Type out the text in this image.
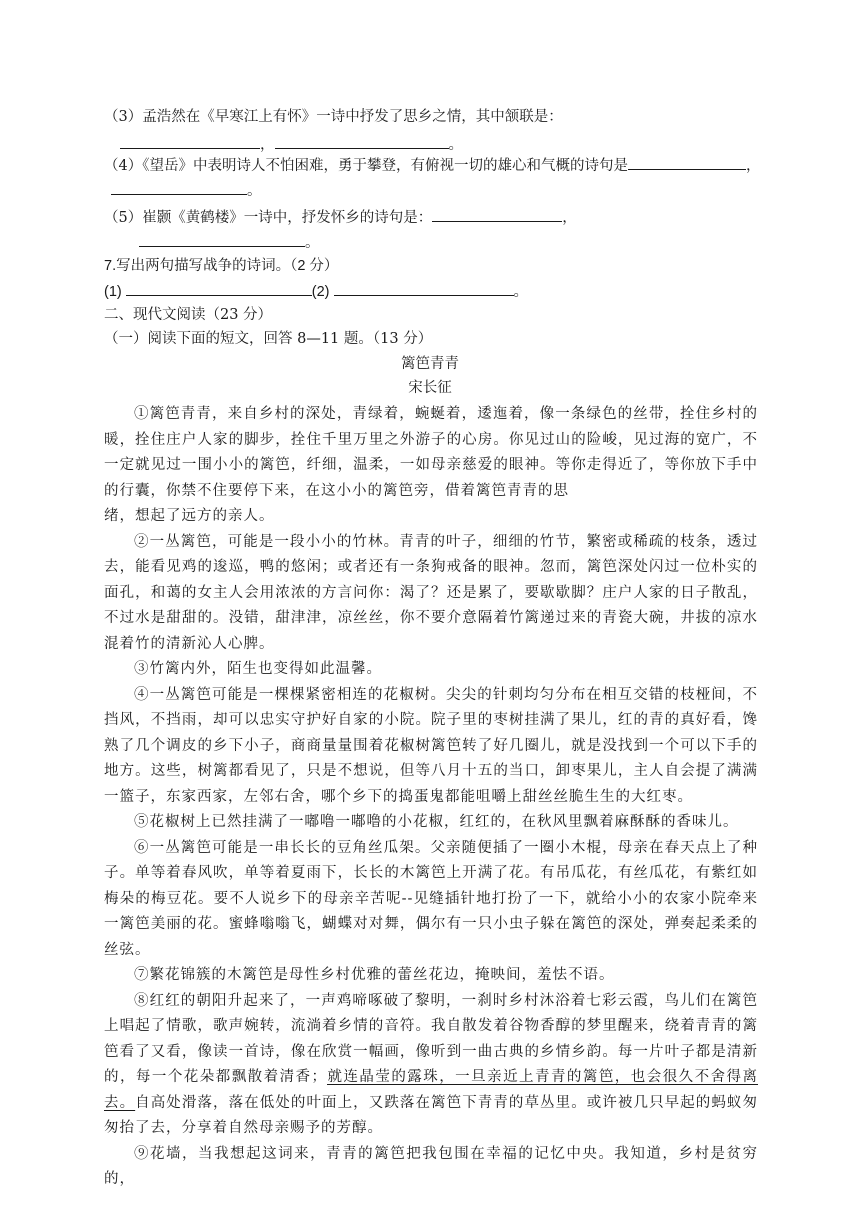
（3）孟浩然在《早寒江上有怀》一诗中抒发了思乡之情，其中颔联是：
，	。
（4）《望岳》中表明诗人不怕困难，勇于攀登，有俯视一切的雄心和气概的诗句是	，
。
（5）崔颢《黄鹤楼》一诗中，抒发怀乡的诗句是：	，
。
7.写出两句描写战争的诗词。（2 分）
(1)	(2)	。
二、现代文阅读（23 分）
（一）阅读下面的短文，回答 8—11 题。（13 分）
篱笆青青
宋长征

①篱笆青青，来自乡村的深处，青绿着，蜿蜒着，逶迤着，像一条绿色的丝带，拴住乡村的暖，拴住庄户人家的脚步，拴住千里万里之外游子的心房。你见过山的险峻，见过海的宽广，不一定就见过一围小小的篱笆，纤细，温柔，一如母亲慈爱的眼神。等你走得近了，等你放下手中的行囊，你禁不住要停下来，在这小小的篱笆旁，借着篱笆青青的思

绪，想起了远方的亲人。

②一丛篱笆，可能是一段小小的竹林。青青的叶子，细细的竹节，繁密或稀疏的枝条，透过去，能看见鸡的逡巡，鸭的悠闲；或者还有一条狗戒备的眼神。忽而，篱笆深处闪过一位朴实的面孔，和蔼的女主人会用浓浓的方言问你：渴了？还是累了，要歇歇脚？庄户人家的日子散乱，不过水是甜甜的。没错，甜津津，凉丝丝，你不要介意隔着竹篱递过来的青瓷大碗，井拔的凉水混着竹的清新沁人心脾。

③竹篱内外，陌生也变得如此温馨。

④一丛篱笆可能是一棵棵紧密相连的花椒树。尖尖的针刺均匀分布在相互交错的枝桠间，不挡风，不挡雨，却可以忠实守护好自家的小院。院子里的枣树挂满了果儿，红的青的真好看，馋熟了几个调皮的乡下小子，商商量量围着花椒树篱笆转了好几圈儿，就是没找到一个可以下手的地方。这些，树篱都看见了，只是不想说，但等八月十五的当口，卸枣果儿，主人自会提了满满一篮子，东家西家，左邻右舍，哪个乡下的捣蛋鬼都能咀嚼上甜丝丝脆生生的大红枣。

⑤花椒树上已然挂满了一嘟噜一嘟噜的小花椒，红红的，在秋风里飘着麻酥酥的香味儿。

⑥一丛篱笆可能是一串长长的豆角丝瓜架。父亲随便插了一圈小木棍，母亲在春天点上了种子。单等着春风吹，单等着夏雨下，长长的木篱笆上开满了花。有吊瓜花，有丝瓜花，有紫红如梅朵的梅豆花。要不人说乡下的母亲辛苦呢--见缝插针地打扮了一下，就给小小的农家小院牵来一篱笆美丽的花。蜜蜂嗡嗡飞，蝴蝶对对舞，偶尔有一只小虫子躲在篱笆的深处，弹奏起柔柔的丝弦。

⑦繁花锦簇的木篱笆是母性乡村优雅的蕾丝花边，掩映间，羞怯不语。

⑧红红的朝阳升起来了，一声鸡啼啄破了黎明，一刹时乡村沐浴着七彩云霞，鸟儿们在篱笆上唱起了情歌，歌声婉转，流淌着乡情的音符。我自散发着谷物香醇的梦里醒来，绕着青青的篱笆看了又看，像读一首诗，像在欣赏一幅画，像听到一曲古典的乡情乡韵。每一片叶子都是清新的，每一个花朵都飘散着清香；就连晶莹的露珠，一旦亲近上青青的篱笆，也会很久不舍得离去。自高处滑落，落在低处的叶面上，又跌落在篱笆下青青的草丛里。或许被几只早起的蚂蚁匆匆抬了去，分享着自然母亲赐予的芳醇。

⑨花墙，当我想起这词来，青青的篱笆把我包围在幸福的记忆中央。我知道，乡村是贫穷的，
